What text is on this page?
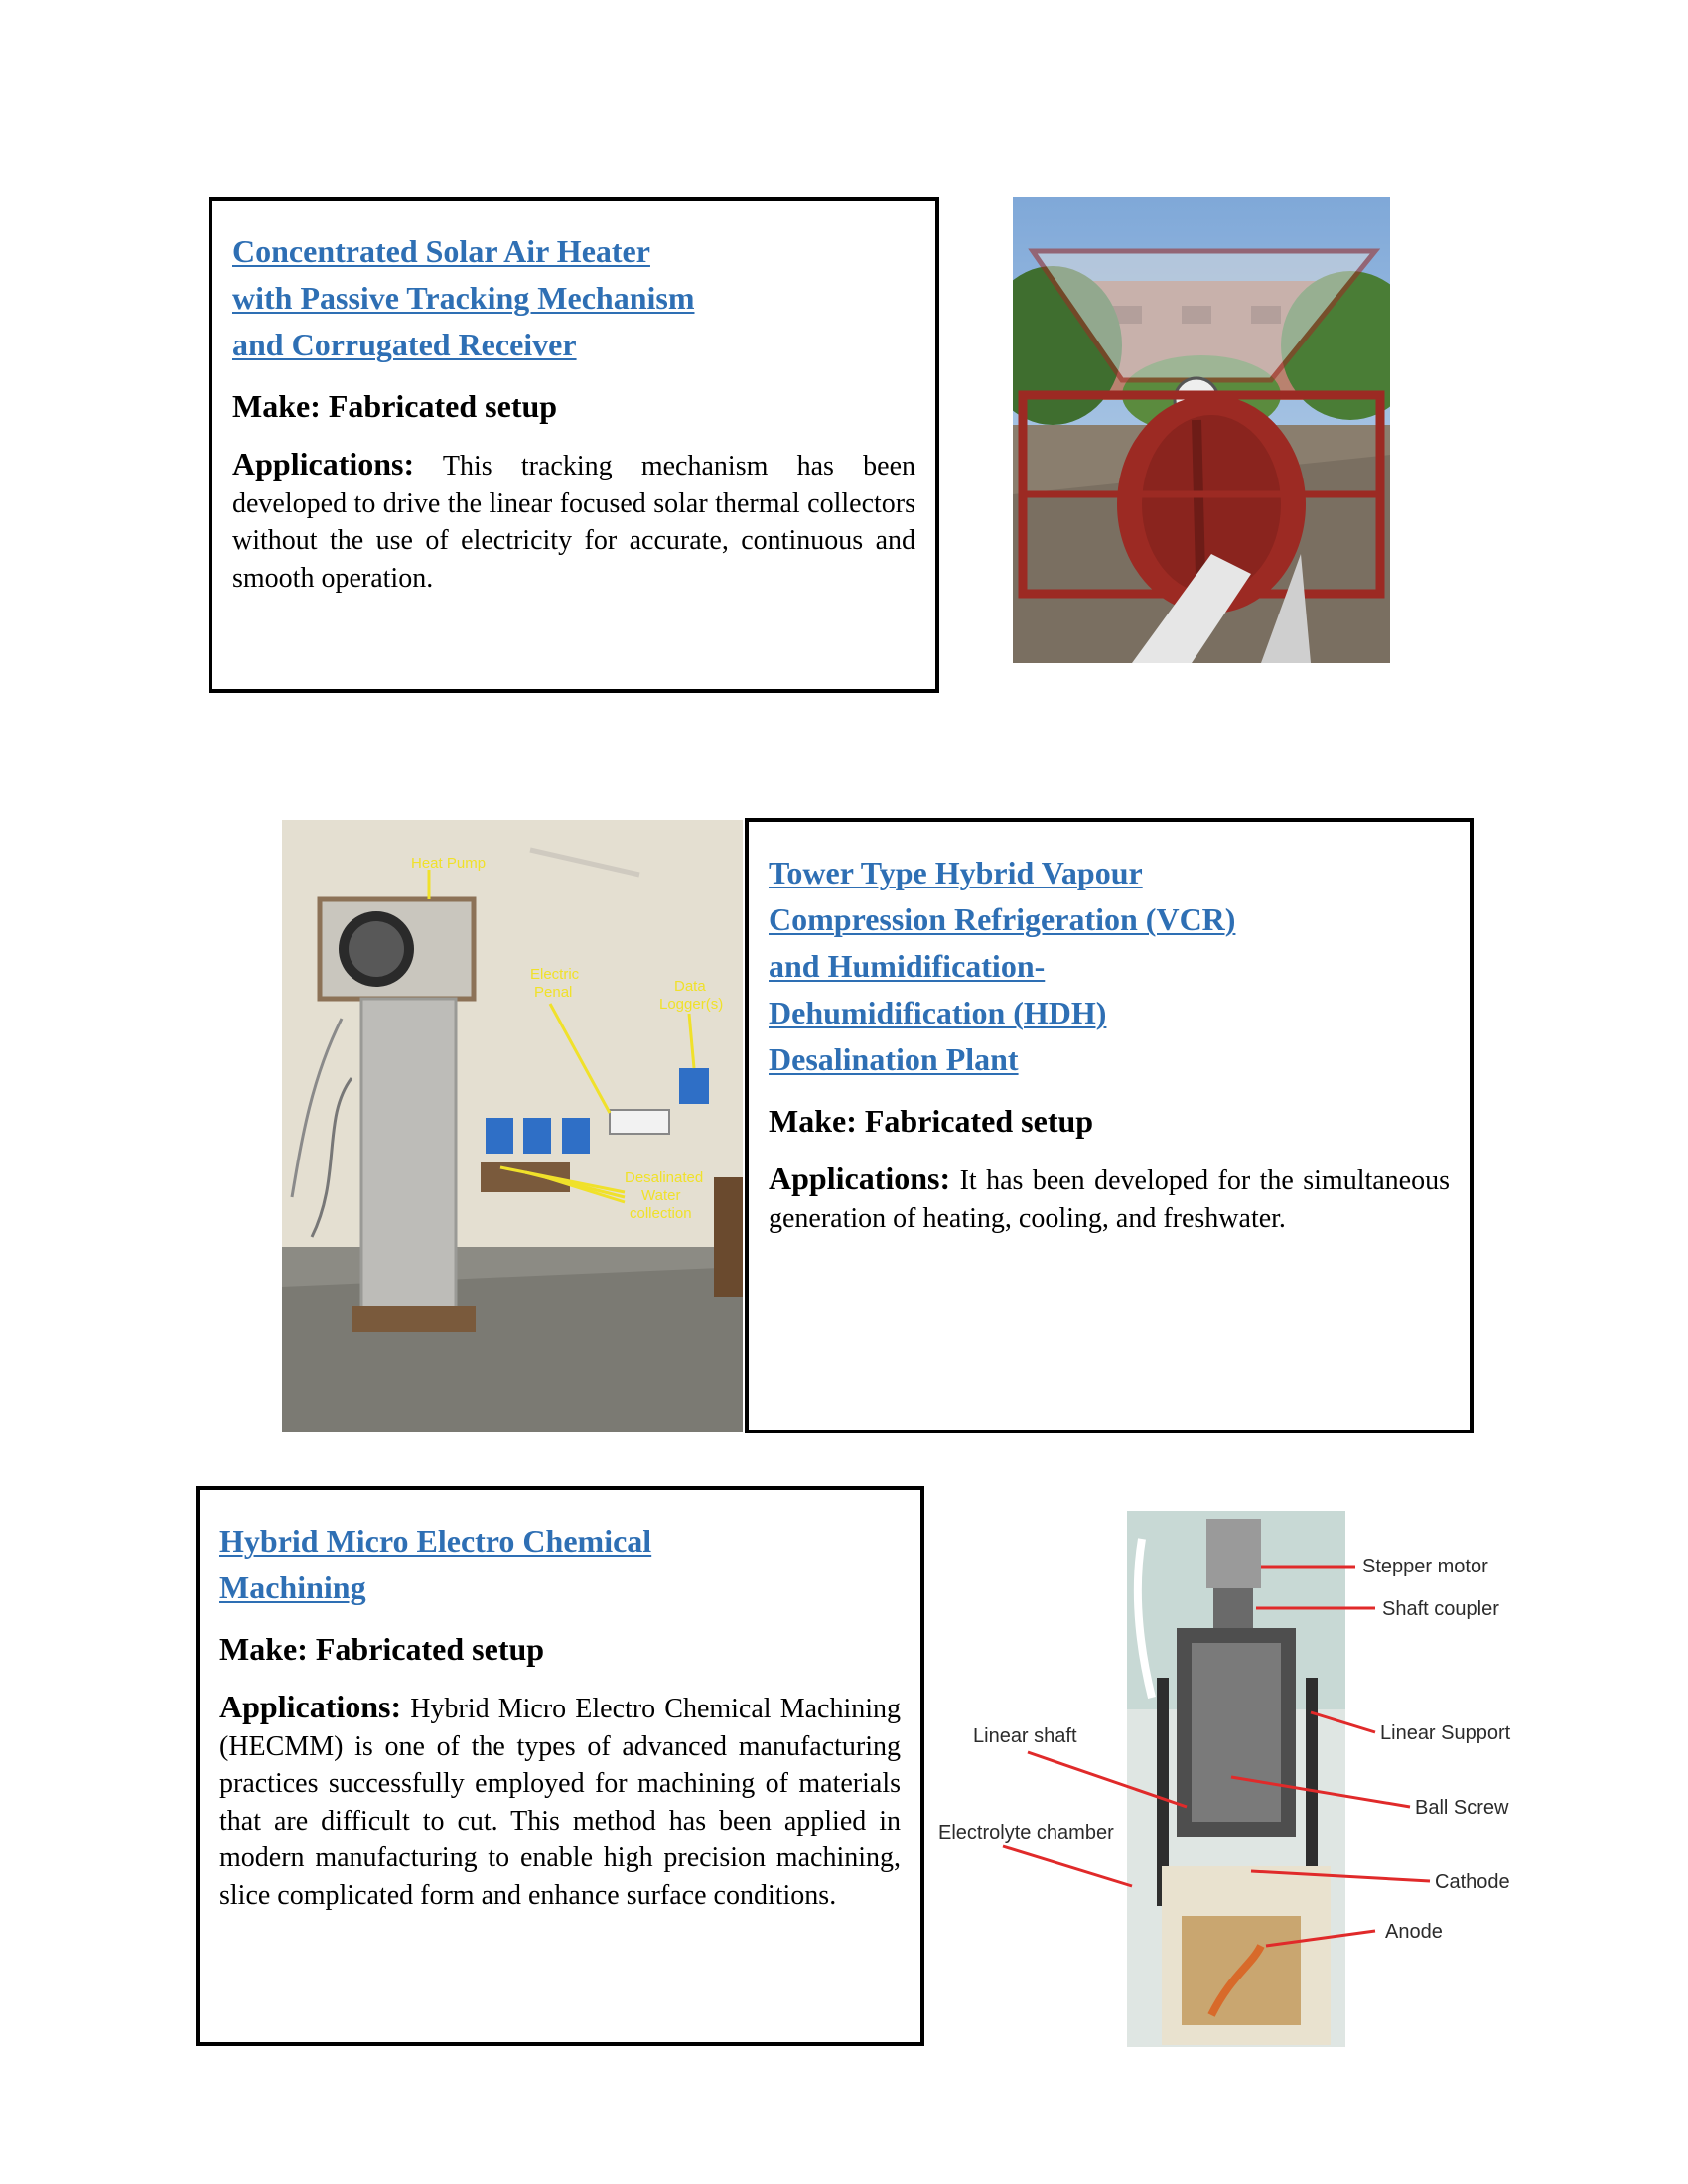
Concentrated Solar Air Heater
with Passive Tracking Mechanism
and Corrugated Receiver
Make: Fabricated setup
Applications: This tracking mechanism has been developed to drive the linear focused solar thermal collectors without the use of electricity for accurate, continuous and smooth operation.
Heat Pump
Electric
Penal	Data
Logger(s)
Desalinated
Water
collection
Tower Type Hybrid Vapour
Compression Refrigeration (VCR)
and Humidification-
Dehumidification (HDH)
Desalination Plant
Make: Fabricated setup
Applications: It has been developed for the simultaneous generation of heating, cooling, and freshwater.
Hybrid Micro Electro Chemical
Machining
Make: Fabricated setup
Applications: Hybrid Micro Electro Chemical Machining (HECMM) is one of the types of advanced manufacturing practices successfully employed for machining of materials that are difficult to cut. This method has been applied in modern manufacturing to enable high precision machining, slice complicated form and enhance surface conditions.
Stepper motor
Shaft coupler
Linear Support
Ball Screw
Cathode
Anode
Linear shaft
Electrolyte chamber
